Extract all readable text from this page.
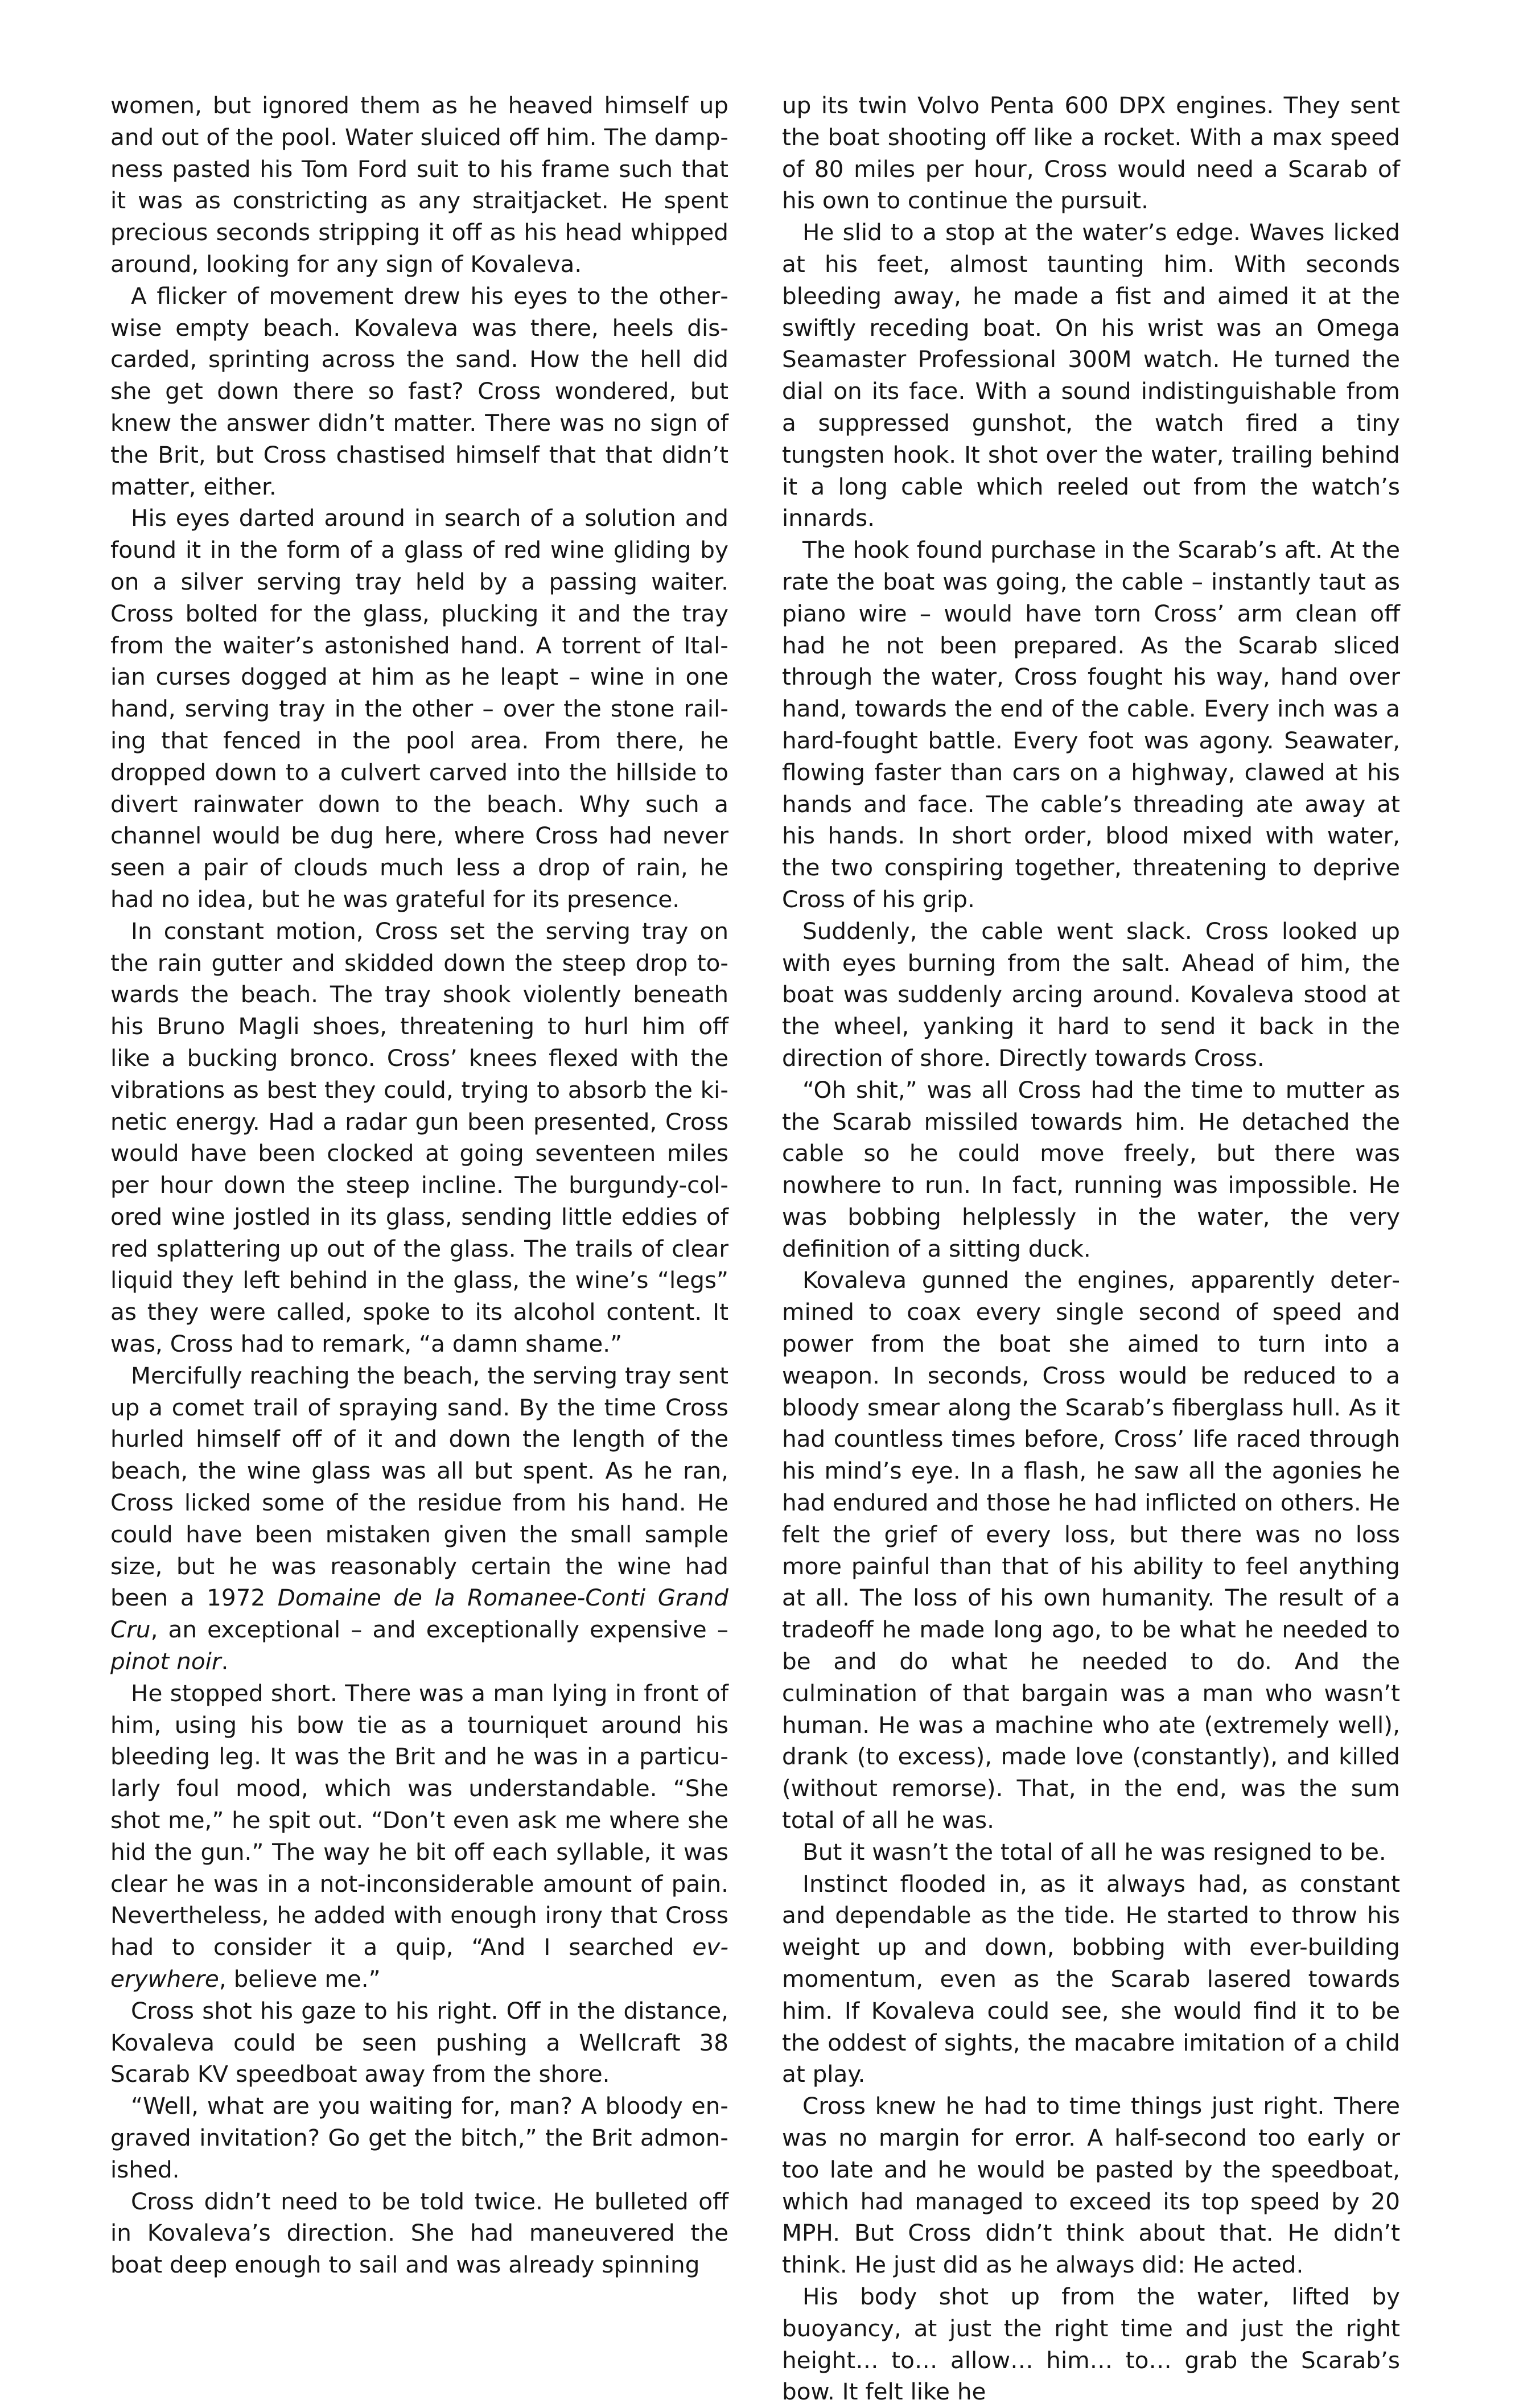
women, but ignored them as he heaved himself up and out of the pool. Water sluiced off him. The dampness pasted his Tom Ford suit to his frame such that it was as constricting as any straitjacket. He spent precious seconds stripping it off as his head whipped around, looking for any sign of Kovaleva.

A flicker of movement drew his eyes to the otherwise empty beach. Kovaleva was there, heels discarded, sprinting across the sand. How the hell did she get down there so fast? Cross wondered, but knew the answer didn’t matter. There was no sign of the Brit, but Cross chastised himself that that didn’t matter, either.

His eyes darted around in search of a solution and found it in the form of a glass of red wine gliding by on a silver serving tray held by a passing waiter. Cross bolted for the glass, plucking it and the tray from the waiter’s astonished hand. A torrent of Italian curses dogged at him as he leapt – wine in one hand, serving tray in the other – over the stone railing that fenced in the pool area. From there, he dropped down to a culvert carved into the hillside to divert rainwater down to the beach. Why such a channel would be dug here, where Cross had never seen a pair of clouds much less a drop of rain, he had no idea, but he was grateful for its presence.

In constant motion, Cross set the serving tray on the rain gutter and skidded down the steep drop towards the beach. The tray shook violently beneath his Bruno Magli shoes, threatening to hurl him off like a bucking bronco. Cross’ knees flexed with the vibrations as best they could, trying to absorb the kinetic energy. Had a radar gun been presented, Cross would have been clocked at going seventeen miles per hour down the steep incline. The burgundy-colored wine jostled in its glass, sending little eddies of red splattering up out of the glass. The trails of clear liquid they left behind in the glass, the wine’s “legs” as they were called, spoke to its alcohol content. It was, Cross had to remark, “a damn shame.”

Mercifully reaching the beach, the serving tray sent up a comet trail of spraying sand. By the time Cross hurled himself off of it and down the length of the beach, the wine glass was all but spent. As he ran, Cross licked some of the residue from his hand. He could have been mistaken given the small sample size, but he was reasonably certain the wine had been a 1972 Domaine de la Romanee-Conti Grand Cru, an exceptional – and exceptionally expensive – pinot noir.

He stopped short. There was a man lying in front of him, using his bow tie as a tourniquet around his bleeding leg. It was the Brit and he was in a particularly foul mood, which was understandable. “She shot me,” he spit out. “Don’t even ask me where she hid the gun.” The way he bit off each syllable, it was clear he was in a not-inconsiderable amount of pain. Nevertheless, he added with enough irony that Cross had to consider it a quip, “And I searched everywhere, believe me.”

Cross shot his gaze to his right. Off in the distance, Kovaleva could be seen pushing a Wellcraft 38 Scarab KV speedboat away from the shore.

“Well, what are you waiting for, man? A bloody engraved invitation? Go get the bitch,” the Brit admonished.

Cross didn’t need to be told twice. He bulleted off in Kovaleva’s direction. She had maneuvered the boat deep enough to sail and was already spinning

up its twin Volvo Penta 600 DPX engines. They sent the boat shooting off like a rocket. With a max speed of 80 miles per hour, Cross would need a Scarab of his own to continue the pursuit.

He slid to a stop at the water’s edge. Waves licked at his feet, almost taunting him. With seconds bleeding away, he made a fist and aimed it at the swiftly receding boat. On his wrist was an Omega Seamaster Professional 300M watch. He turned the dial on its face. With a sound indistinguishable from a suppressed gunshot, the watch fired a tiny tungsten hook. It shot over the water, trailing behind it a long cable which reeled out from the watch’s innards.

The hook found purchase in the Scarab’s aft. At the rate the boat was going, the cable – instantly taut as piano wire – would have torn Cross’ arm clean off had he not been prepared. As the Scarab sliced through the water, Cross fought his way, hand over hand, towards the end of the cable. Every inch was a hard-fought battle. Every foot was agony. Seawater, flowing faster than cars on a highway, clawed at his hands and face. The cable’s threading ate away at his hands. In short order, blood mixed with water, the two conspiring together, threatening to deprive Cross of his grip.

Suddenly, the cable went slack. Cross looked up with eyes burning from the salt. Ahead of him, the boat was suddenly arcing around. Kovaleva stood at the wheel, yanking it hard to send it back in the direction of shore. Directly towards Cross.

“Oh shit,” was all Cross had the time to mutter as the Scarab missiled towards him. He detached the cable so he could move freely, but there was nowhere to run. In fact, running was impossible. He was bobbing helplessly in the water, the very definition of a sitting duck.

Kovaleva gunned the engines, apparently determined to coax every single second of speed and power from the boat she aimed to turn into a weapon. In seconds, Cross would be reduced to a bloody smear along the Scarab’s fiberglass hull. As it had countless times before, Cross’ life raced through his mind’s eye. In a flash, he saw all the agonies he had endured and those he had inflicted on others. He felt the grief of every loss, but there was no loss more painful than that of his ability to feel anything at all. The loss of his own humanity. The result of a tradeoff he made long ago, to be what he needed to be and do what he needed to do. And the culmination of that bargain was a man who wasn’t human. He was a machine who ate (extremely well), drank (to excess), made love (constantly), and killed (without remorse). That, in the end, was the sum total of all he was.

But it wasn’t the total of all he was resigned to be.

Instinct flooded in, as it always had, as constant and dependable as the tide. He started to throw his weight up and down, bobbing with ever-building momentum, even as the Scarab lasered towards him. If Kovaleva could see, she would find it to be the oddest of sights, the macabre imitation of a child at play.

Cross knew he had to time things just right. There was no margin for error. A half-second too early or too late and he would be pasted by the speedboat, which had managed to exceed its top speed by 20 MPH. But Cross didn’t think about that. He didn’t think. He just did as he always did: He acted.

His body shot up from the water, lifted by buoyancy, at just the right time and just the right height… to… allow… him… to… grab the Scarab’s bow. It felt like he
